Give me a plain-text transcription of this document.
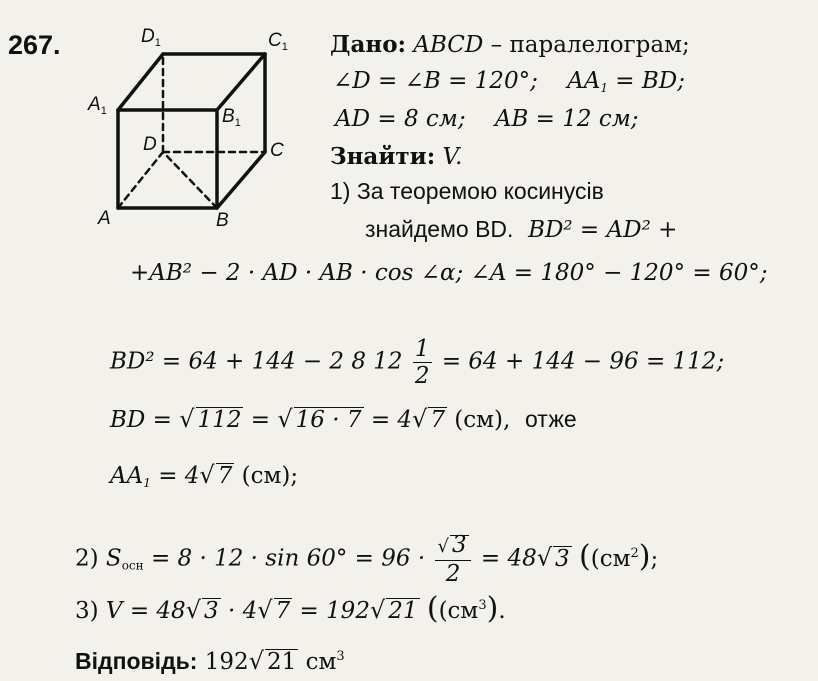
267.	$D_1$	$C_1$
$A_1$	$B_1$
D	C
A	B
Дано: ABCD – паралелограм;
∠D = ∠B = 120°; $AA_1$ = BD;
AD = 8 см; AB = 12 см;
Знайти: V.
1) За теоремою косинусів
знайдемо BD. BD² = AD² +
+AB² − 2 · AD · AB · cos ∠α; ∠A = 180° − 120° = 60°;
BD² = 64 + 144 − 2 8 $12 \frac{1}{2} = 64 + 144 - 96 = 112$;
BD = √ 112 = √ 16 · 7 = 4√ 7 (см), отже
$AA_1 = 4√$ 7 (см);
2) $S_{осн} = 8 \cdot 12 \cdot \sin 60^\circ = 96 \cdot \frac{√ 3}{2} = 48√$ 3 ($(см^2)$;
3) V = 48√ 3 · 4√ 7 = 192√ 21 ($(см^3)$.
Відповідь: 192√ 21 $см^3$
